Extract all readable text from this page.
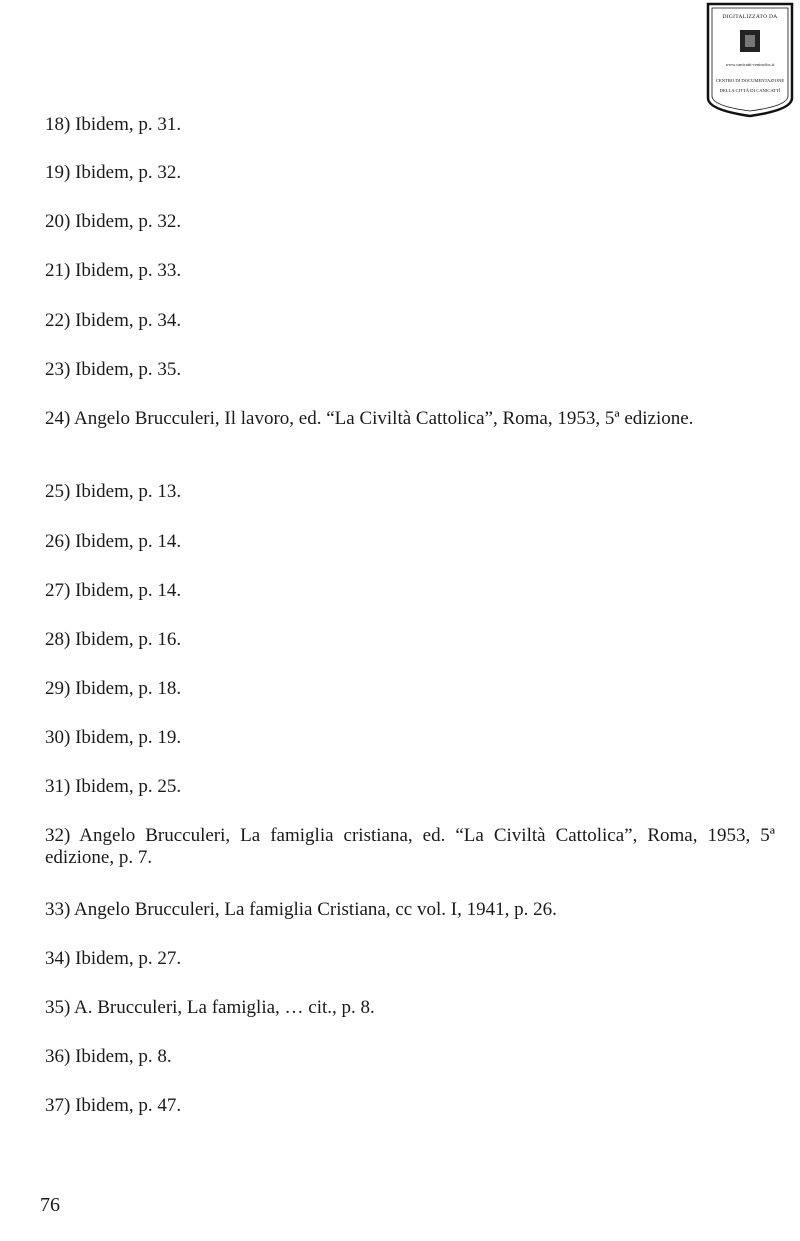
DIGITALIZZATO DA
www.canicatti-centrodoc.it
CENTRO DI DOCUMENTAZIONE
DELLA CITTÀ DI CANICATTÌ
18) Ibidem, p. 31.
19) Ibidem, p. 32.
20) Ibidem, p. 32.
21) Ibidem, p. 33.
22) Ibidem, p. 34.
23) Ibidem, p. 35.
24) Angelo Brucculeri, Il lavoro, ed. “La Civiltà Cattolica”, Roma, 1953, 5ª edizione.
25) Ibidem, p. 13.
26) Ibidem, p. 14.
27) Ibidem, p. 14.
28) Ibidem, p. 16.
29) Ibidem, p. 18.
30) Ibidem, p. 19.
31) Ibidem, p. 25.
32) Angelo Brucculeri, La famiglia cristiana, ed. “La Civiltà Cattolica”, Roma, 1953, 5ª edizione, p. 7.
33) Angelo Brucculeri, La famiglia Cristiana, cc vol. I, 1941, p. 26.
34) Ibidem, p. 27.
35) A. Brucculeri, La famiglia, … cit., p. 8.
36) Ibidem, p. 8.
37) Ibidem, p. 47.
76
